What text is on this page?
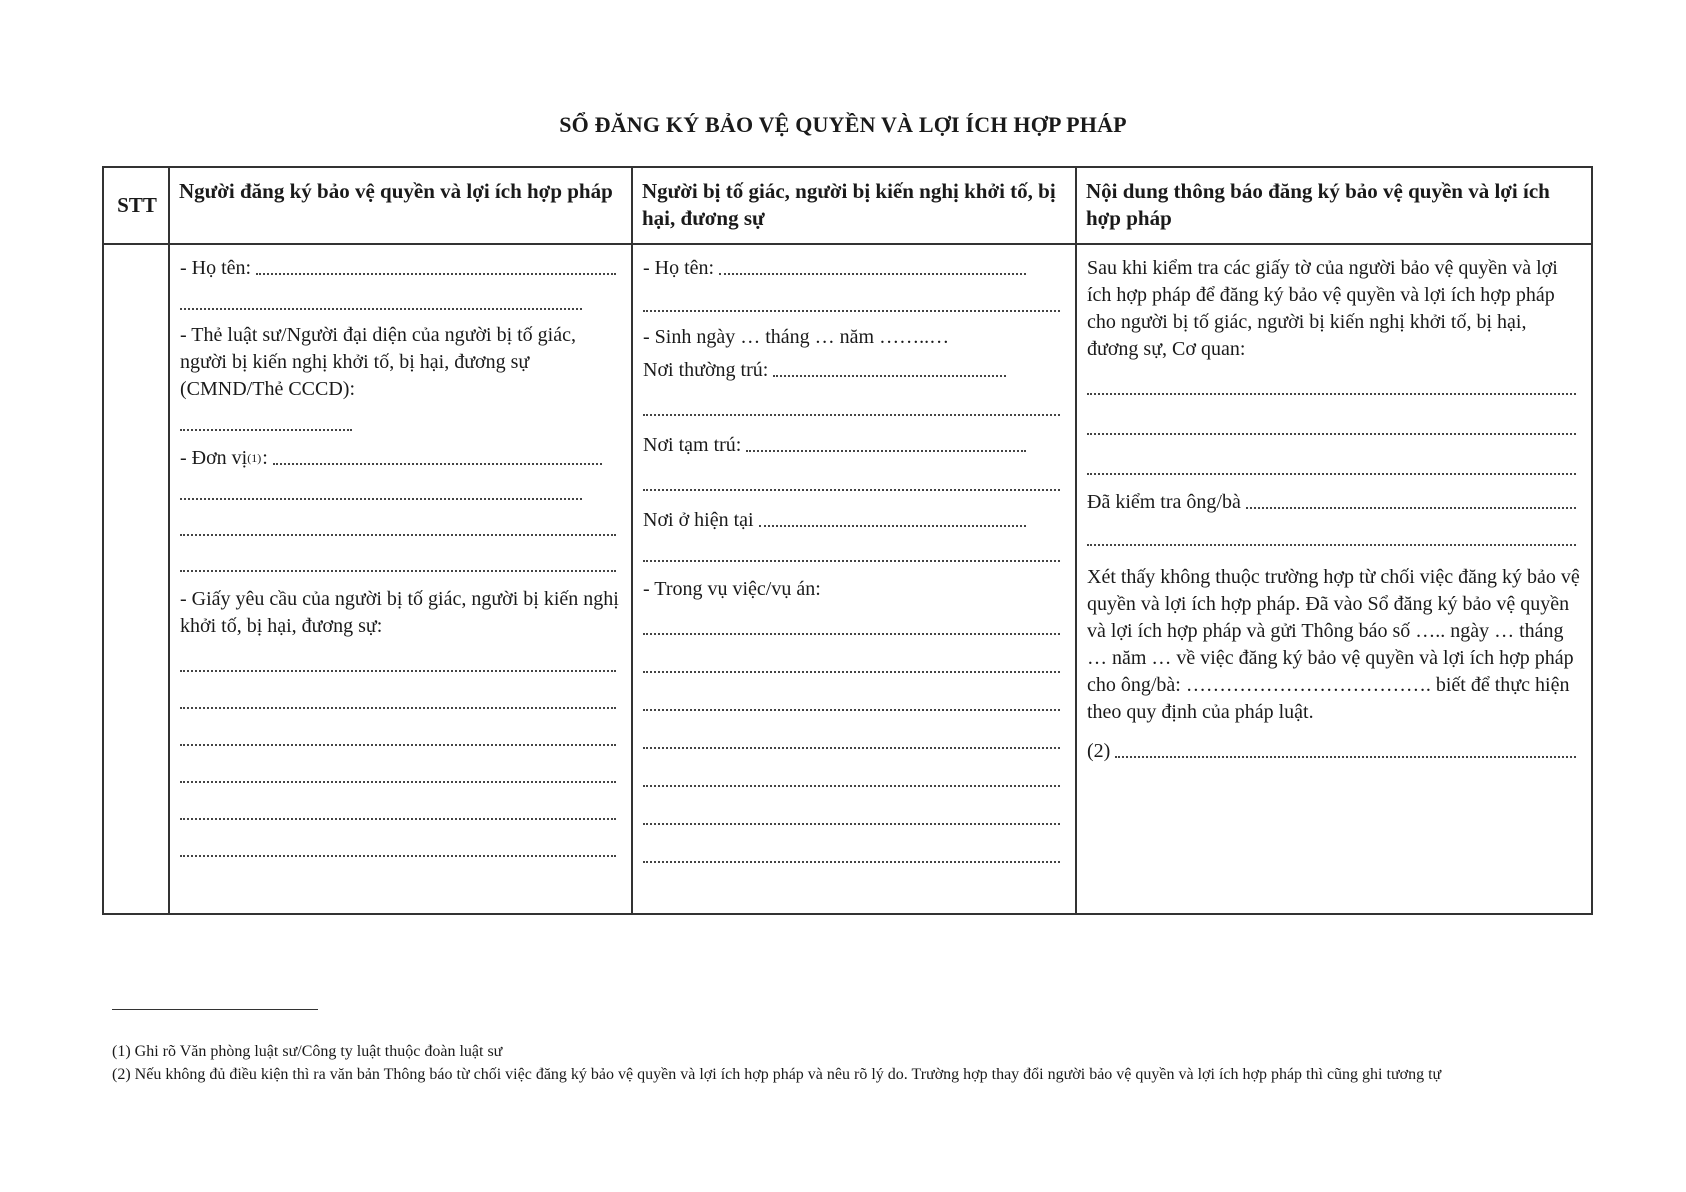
SỔ ĐĂNG KÝ BẢO VỆ QUYỀN VÀ LỢI ÍCH HỢP PHÁP
STT
Người đăng ký bảo vệ quyền và lợi ích hợp pháp

- Họ tên:

- Thẻ luật sư/Người đại diện của người bị tố giác, người bị kiến nghị khởi tố, bị hại, đương sự (CMND/Thẻ CCCD):

- Đơn vị (1) :

- Giấy yêu cầu của người bị tố giác, người bị kiến nghị khởi tố, bị hại, đương sự:

Người bị tố giác, người bị kiến nghị khởi tố, bị hại, đương sự

- Họ tên:

- Sinh ngày … tháng … năm ……..…

Nơi thường trú:

Nơi tạm trú:

Nơi ở hiện tại

- Trong vụ việc/vụ án:

Nội dung thông báo đăng ký bảo vệ quyền và lợi ích hợp pháp

Sau khi kiểm tra các giấy tờ của người bảo vệ quyền và lợi ích hợp pháp để đăng ký bảo vệ quyền và lợi ích hợp pháp cho người bị tố giác, người bị kiến nghị khởi tố, bị hại, đương sự, Cơ quan:

Đã kiểm tra ông/bà

Xét thấy không thuộc trường hợp từ chối việc đăng ký bảo vệ quyền và lợi ích hợp pháp. Đã vào Sổ đăng ký bảo vệ quyền và lợi ích hợp pháp và gửi Thông báo số ….. ngày … tháng … năm … về việc đăng ký bảo vệ quyền và lợi ích hợp pháp cho ông/bà: ………………………………. biết để thực hiện theo quy định của pháp luật.

(2)

(1) Ghi rõ Văn phòng luật sư/Công ty luật thuộc đoàn luật sư

(2) Nếu không đủ điều kiện thì ra văn bản Thông báo từ chối việc đăng ký bảo vệ quyền và lợi ích hợp pháp và nêu rõ lý do. Trường hợp thay đổi người bảo vệ quyền và lợi ích hợp pháp thì cũng ghi tương tự
